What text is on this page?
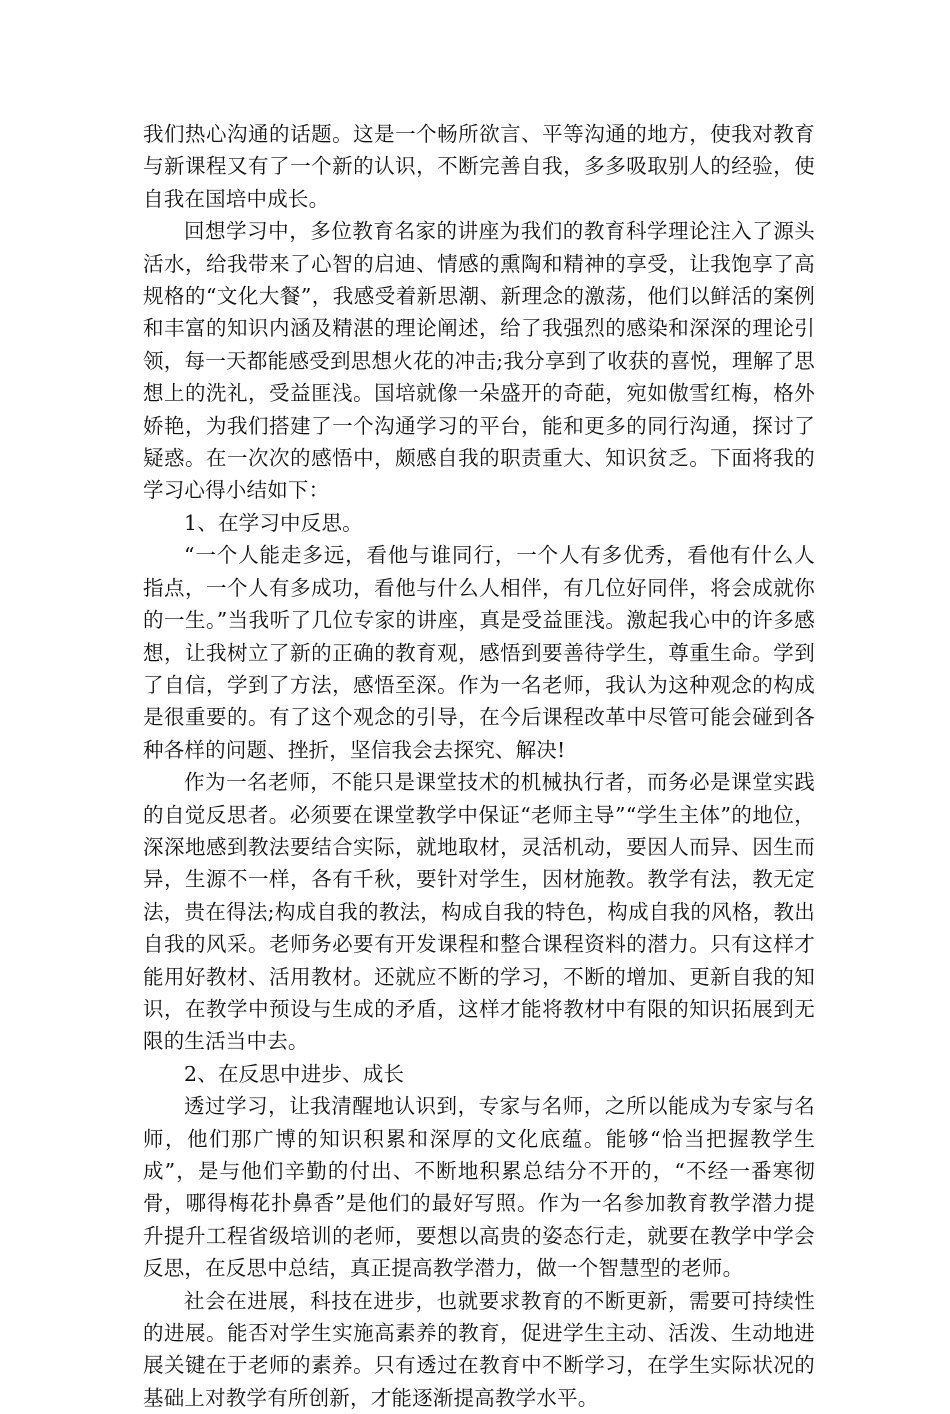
我们热心沟通的话题。这是一个畅所欲言、平等沟通的地方，使我对教育与新课程又有了一个新的认识，不断完善自我，多多吸取别人的经验，使自我在国培中成长。

回想学习中，多位教育名家的讲座为我们的教育科学理论注入了源头活水，给我带来了心智的启迪、情感的熏陶和精神的享受，让我饱享了高规格的“文化大餐”，我感受着新思潮、新理念的激荡，他们以鲜活的案例和丰富的知识内涵及精湛的理论阐述，给了我强烈的感染和深深的理论引领，每一天都能感受到思想火花的冲击;我分享到了收获的喜悦，理解了思想上的洗礼，受益匪浅。国培就像一朵盛开的奇葩，宛如傲雪红梅，格外娇艳，为我们搭建了一个沟通学习的平台，能和更多的同行沟通，探讨了疑惑。在一次次的感悟中，颇感自我的职责重大、知识贫乏。下面将我的学习心得小结如下：

1、在学习中反思。

“一个人能走多远，看他与谁同行，一个人有多优秀，看他有什么人指点，一个人有多成功，看他与什么人相伴，有几位好同伴，将会成就你的一生。”当我听了几位专家的讲座，真是受益匪浅。激起我心中的许多感想，让我树立了新的正确的教育观，感悟到要善待学生，尊重生命。学到了自信，学到了方法，感悟至深。作为一名老师，我认为这种观念的构成是很重要的。有了这个观念的引导，在今后课程改革中尽管可能会碰到各种各样的问题、挫折，坚信我会去探究、解决!

作为一名老师，不能只是课堂技术的机械执行者，而务必是课堂实践的自觉反思者。必须要在课堂教学中保证“老师主导”“学生主体”的地位，深深地感到教法要结合实际，就地取材，灵活机动，要因人而异、因生而异，生源不一样，各有千秋，要针对学生，因材施教。教学有法，教无定法，贵在得法;构成自我的教法，构成自我的特色，构成自我的风格，教出自我的风采。老师务必要有开发课程和整合课程资料的潜力。只有这样才能用好教材、活用教材。还就应不断的学习，不断的增加、更新自我的知识，在教学中预设与生成的矛盾，这样才能将教材中有限的知识拓展到无限的生活当中去。

2、在反思中进步、成长

透过学习，让我清醒地认识到，专家与名师，之所以能成为专家与名师，他们那广博的知识积累和深厚的文化底蕴。能够“恰当把握教学生成”，是与他们辛勤的付出、不断地积累总结分不开的，“不经一番寒彻骨，哪得梅花扑鼻香”是他们的最好写照。作为一名参加教育教学潜力提升提升工程省级培训的老师，要想以高贵的姿态行走，就要在教学中学会反思，在反思中总结，真正提高教学潜力，做一个智慧型的老师。

社会在进展，科技在进步，也就要求教育的不断更新，需要可持续性的进展。能否对学生实施高素养的教育，促进学生主动、活泼、生动地进展关键在于老师的素养。只有透过在教育中不断学习，在学生实际状况的基础上对教学有所创新，才能逐渐提高教学水平。
